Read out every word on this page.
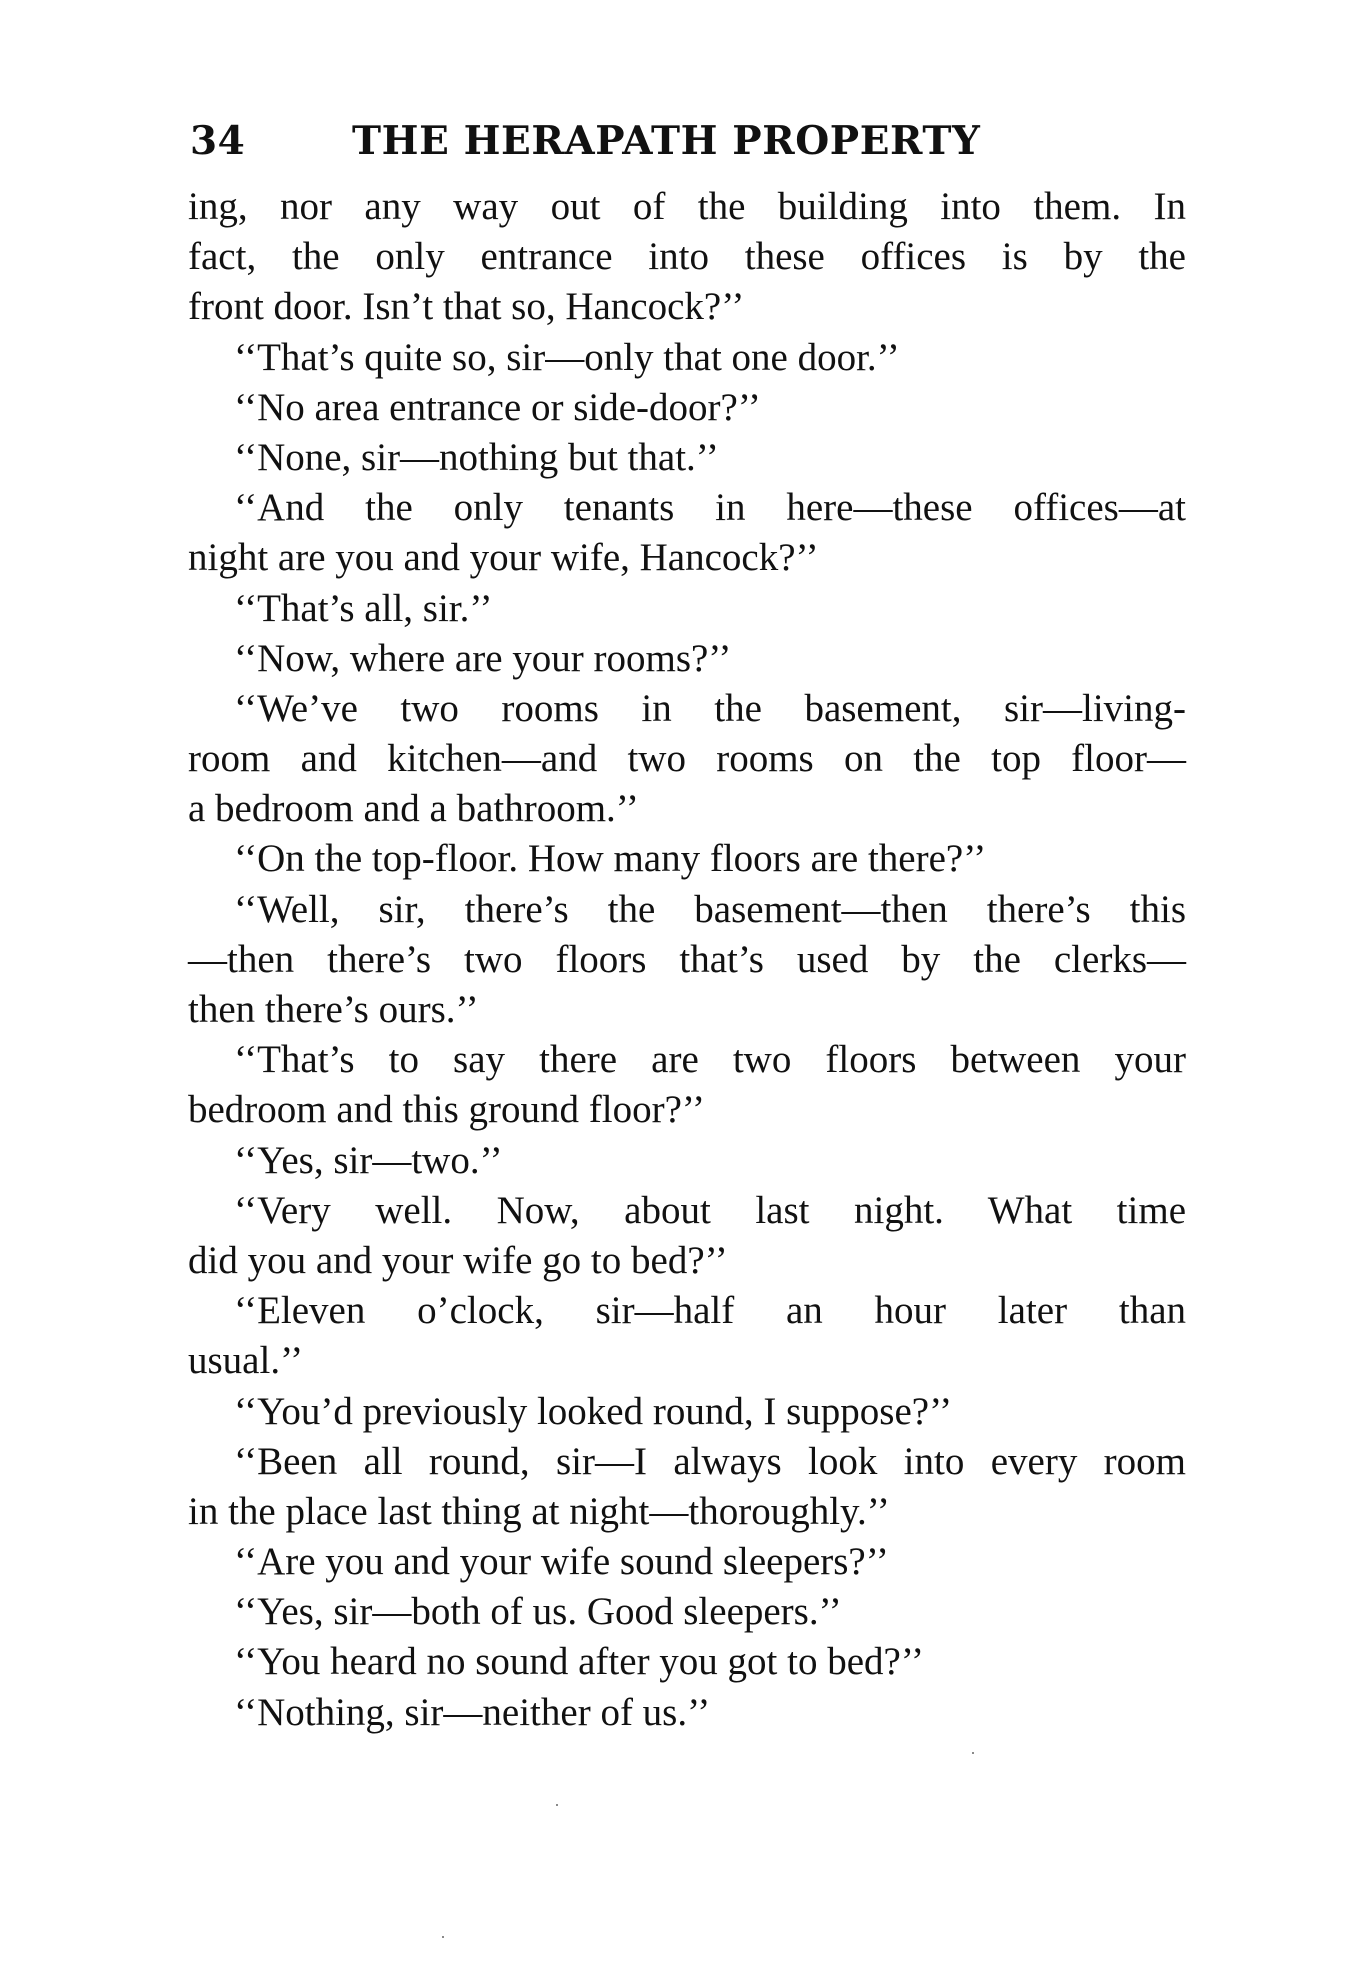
34	THE HERAPATH PROPERTY
ing, nor any way out of the building into them. In
fact, the only entrance into these offices is by the
front door. Isn’t that so, Hancock?’’
‘‘That’s quite so, sir—only that one door.’’
‘‘No area entrance or side-door?’’
‘‘None, sir—nothing but that.’’
‘‘And the only tenants in here—these offices—at
night are you and your wife, Hancock?’’
‘‘That’s all, sir.’’
‘‘Now, where are your rooms?’’
‘‘We’ve two rooms in the basement, sir—living-
room and kitchen—and two rooms on the top floor—
a bedroom and a bathroom.’’
‘‘On the top-floor. How many floors are there?’’
‘‘Well, sir, there’s the basement—then there’s this
—then there’s two floors that’s used by the clerks—
then there’s ours.’’
‘‘That’s to say there are two floors between your
bedroom and this ground floor?’’
‘‘Yes, sir—two.’’
‘‘Very well. Now, about last night. What time
did you and your wife go to bed?’’
‘‘Eleven o’clock, sir—half an hour later than
usual.’’
‘‘You’d previously looked round, I suppose?’’
‘‘Been all round, sir—I always look into every room
in the place last thing at night—thoroughly.’’
‘‘Are you and your wife sound sleepers?’’
‘‘Yes, sir—both of us. Good sleepers.’’
‘‘You heard no sound after you got to bed?’’
‘‘Nothing, sir—neither of us.’’
